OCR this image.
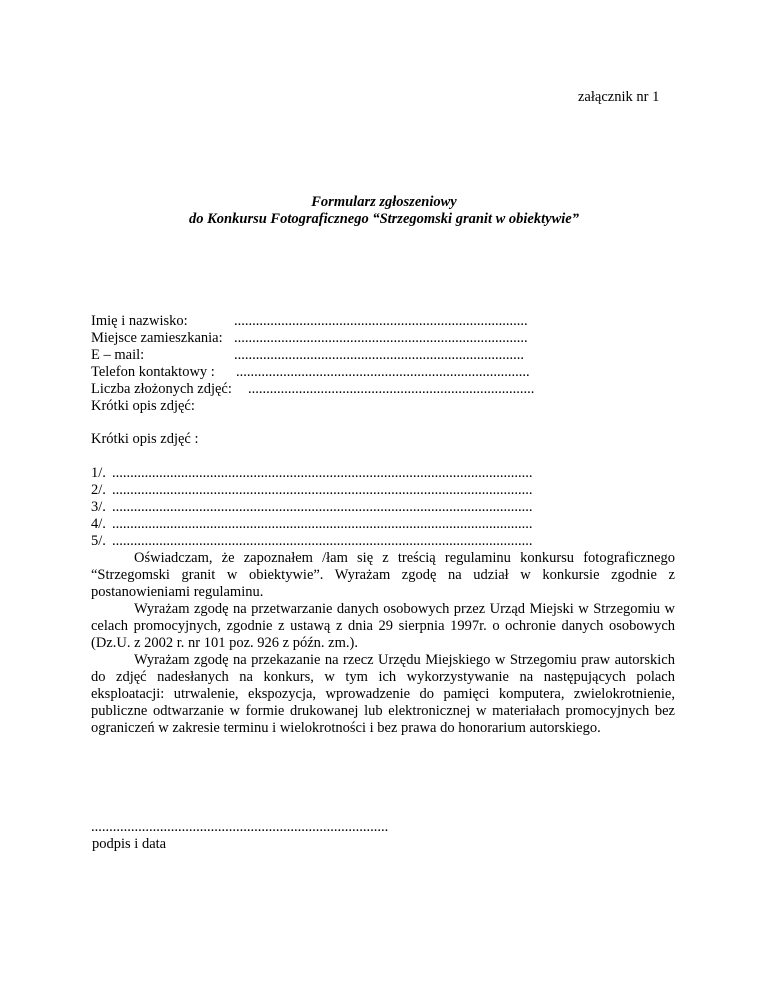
załącznik nr 1
Formularz zgłoszeniowy
do Konkursu Fotograficznego “Strzegomski granit w obiektywie”
Imię i nazwisko:	.................................................................................
Miejsce zamieszkania: .................................................................................
E – mail:	................................................................................
Telefon kontaktowy : .................................................................................
Liczba złożonych zdjęć: ...............................................................................
Krótki opis zdjęć:
Krótki opis zdjęć :
1/. ....................................................................................................................
2/. ....................................................................................................................
3/. ....................................................................................................................
4/. ....................................................................................................................
5/. ....................................................................................................................

Oświadczam, że zapoznałem /łam się z treścią regulaminu konkursu fotograficznego “Strzegomski granit w obiektywie”. Wyrażam zgodę na udział w konkursie zgodnie z postanowieniami regulaminu.

Wyrażam zgodę na przetwarzanie danych osobowych przez Urząd Miejski w Strzegomiu w celach promocyjnych, zgodnie z ustawą z dnia 29 sierpnia 1997r. o ochronie danych osobowych (Dz.U. z 2002 r. nr 101 poz. 926 z późn. zm.).

Wyrażam zgodę na przekazanie na rzecz Urzędu Miejskiego w Strzegomiu praw autorskich do zdjęć nadesłanych na konkurs, w tym ich wykorzystywanie na następujących polach eksploatacji: utrwalenie, ekspozycja, wprowadzenie do pamięci komputera, zwielokrotnienie, publiczne odtwarzanie w formie drukowanej lub elektronicznej w materiałach promocyjnych bez ograniczeń w zakresie terminu i wielokrotności i bez prawa do honorarium autorskiego.

..................................................................................
podpis i data
